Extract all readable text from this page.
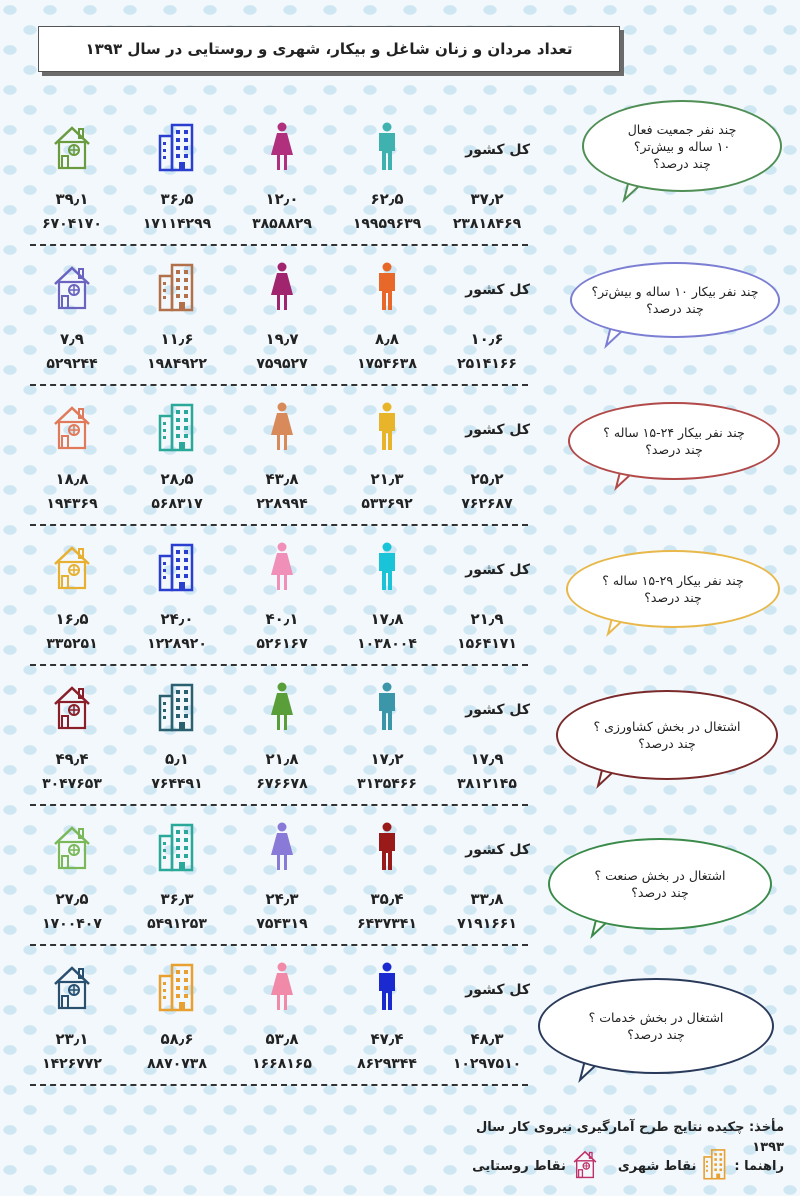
تعداد مردان و زنان شاغل و بیکار، شهری و روستایی در سال ۱۳۹۳
۳۹٫۱
۶۷۰۴۱۷۰
۳۶٫۵
۱۷۱۱۴۲۹۹
۱۲٫۰
۳۸۵۸۸۲۹
۶۲٫۵
۱۹۹۵۹۶۳۹
۳۷٫۲
۲۳۸۱۸۴۶۹
کل کشور
۷٫۹
۵۲۹۲۴۴
۱۱٫۶
۱۹۸۴۹۲۲
۱۹٫۷
۷۵۹۵۲۷
۸٫۸
۱۷۵۴۶۳۸
۱۰٫۶
۲۵۱۴۱۶۶
کل کشور
۱۸٫۸
۱۹۴۳۶۹
۲۸٫۵
۵۶۸۳۱۷
۴۳٫۸
۲۲۸۹۹۴
۲۱٫۳
۵۳۳۶۹۲
۲۵٫۲
۷۶۲۶۸۷
کل کشور
۱۶٫۵
۳۳۵۲۵۱
۲۴٫۰
۱۲۲۸۹۲۰
۴۰٫۱
۵۲۶۱۶۷
۱۷٫۸
۱۰۳۸۰۰۴
۲۱٫۹
۱۵۶۴۱۷۱
کل کشور
۴۹٫۴
۳۰۴۷۶۵۳
۵٫۱
۷۶۴۴۹۱
۲۱٫۸
۶۷۶۶۷۸
۱۷٫۲
۳۱۳۵۴۶۶
۱۷٫۹
۳۸۱۲۱۴۵
کل کشور
۲۷٫۵
۱۷۰۰۴۰۷
۳۶٫۳
۵۴۹۱۲۵۳
۲۴٫۳
۷۵۴۳۱۹
۳۵٫۴
۶۴۳۷۳۴۱
۳۳٫۸
۷۱۹۱۶۶۱
کل کشور
۲۳٫۱
۱۴۲۶۷۷۲
۵۸٫۶
۸۸۷۰۷۳۸
۵۳٫۸
۱۶۶۸۱۶۵
۴۷٫۴
۸۶۲۹۳۴۴
۴۸٫۳
۱۰۲۹۷۵۱۰
کل کشور
چند نفر جمعیت فعال
۱۰ ساله و بیش‌تر؟
چند درصد؟
چند نفر بیکار ۱۰ ساله و بیش‌تر؟
چند درصد؟
چند نفر بیکار ۲۴-۱۵ ساله ؟
چند درصد؟
چند نفر بیکار ۲۹-۱۵ ساله ؟
چند درصد؟
اشتغال در بخش کشاورزی ؟
چند درصد؟
اشتغال در بخش صنعت ؟
چند درصد؟
اشتغال در بخش خدمات ؟
چند درصد؟
مأخذ: چکیده نتایج طرح آمارگیری نیروی کار سال ۱۳۹۳
راهنما :
نقاط شهری
نقاط روستایی
